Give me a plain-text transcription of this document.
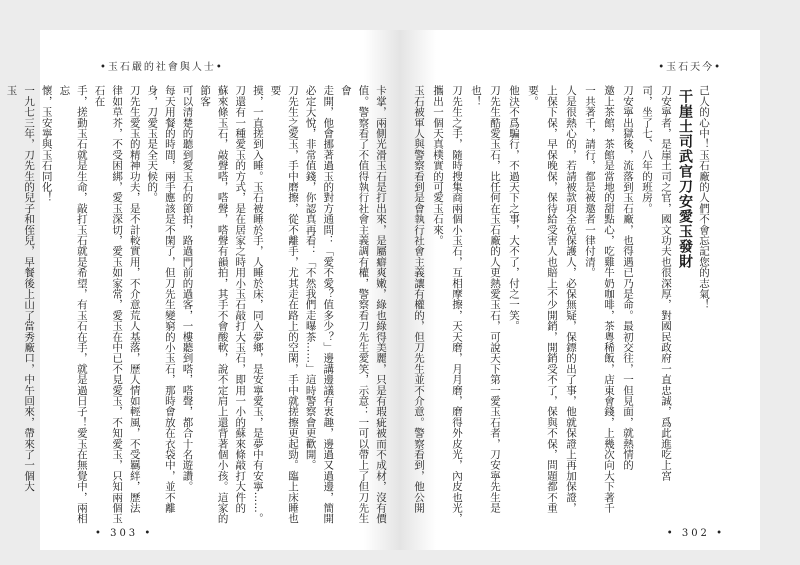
•玉石天今•
己人的心中！玉石廠的人們不會忘記您的志氣！
干崖土司武官刀安愛玉發財
刀安寧者，是崖土司之官，國文功夫也很深厚，對國民政府一直忠誠，爲此進吃上宮
司，坐了七、八年的班房。
刀安寧出獄後，流落到玉石廠，也得遇已乃是命。最初交往，一但見面，就熱情的
邀上茶館，茶館是當地的甜點心，吃雞牛奶咖啡，茶粵稀飯，店東會錢，上幾次向大下著千
一共著千，請行，都是被邀者一律付清。
人是很熱心的，若請被款項全免保護人，必保無疑，保鏢的出了事，他就保證上再加保證，
上保下保，早保晚保，保待給受害人也賠上不少開銷，開銷受不了，保與不保，問題都不重要。
他決不爲騙行，不過天下之事，大不了，付之一笑。
刀先生酷愛玉石，比任何在玉石廠的人更熱愛玉石，可說天下第一愛玉石者，刀安寧先生是
也！
刀先生之手，隨時搜集商兩個小玉石，互相摩擦，天天磨，月月磨，磨得外皮光，內皮也光，
攜出一個天真樸實的可愛玉石來。
玉石被軍人與警察看到是會執行社會主義讓有權的，但刀先生並不介意。警察看到，他公開
• 302 •
•玉石嚴的社會與人士•
卡掌，兩側光滑玉石是打出來，是屬癖爽嫩，綠也綠得美麗，只是有瑕疵被而不成材，沒有價
值。警察看了不值得執行社會主義調有權，警察看刀先生愛笑，示意：一可以帶上了但刀先生會
走開，他會挪著過玉的對方通問：「愛不愛？值多少？」邊講邊議有衷趣，邊過又過邊，簡開
必定大悅，非常值錢，你認真再看：「不然我們走曝茶……」這時警察會更歡開。
刀先生之愛玉，手中磨擦，從不離手，尤其走在路上的空閑，手中就搓擦更起勁。臨上床睡也要
摸，一直搓到入睡。玉石被睡於手，人睡於床，同入夢鄉，是安寧愛玉，是夢中有安寧……。
刀還有一種愛玉的方式，是在居家之時用小玉石敲打大玉石，即用一小的蘇來條敲打大件的
蘇來條玉石，敲聲嗒，嗒聲，嗒聲有韻拍，其手不會酸軟，說不定肩上還背著個小孩。這家的節客
可以清楚的聽到愛玉石的節拍，路過門前的過客，一樓聽到嗒，嗒聲，都合十名遊讚。
每天用餐的時間，兩手應該是不閑了，但刀先生變窮的小玉石，那時會放在衣袋中，並不離
身，刀愛玉是全天候的。
刀先生愛玉的精神功夫，是不計較實用，不介意荒人基落，歷人情如輕風，不受羈絆，歷法
律如草芥，不受困綁，愛玉深切，愛玉如家常，愛玉在中已不見愛玉，不知愛玉，只知兩個玉石在
手，搓動玉石就是生命，敲打玉石就是希望，有玉石在手，就是過日子！愛玉在無覺中，兩相忘
懷，玉安寧與玉石同化！
一九七三年，刀先生的兒子和侄兒，早餐後上山了當秀廠口，中午回來，帶來了一個大
玉
• 303 •
